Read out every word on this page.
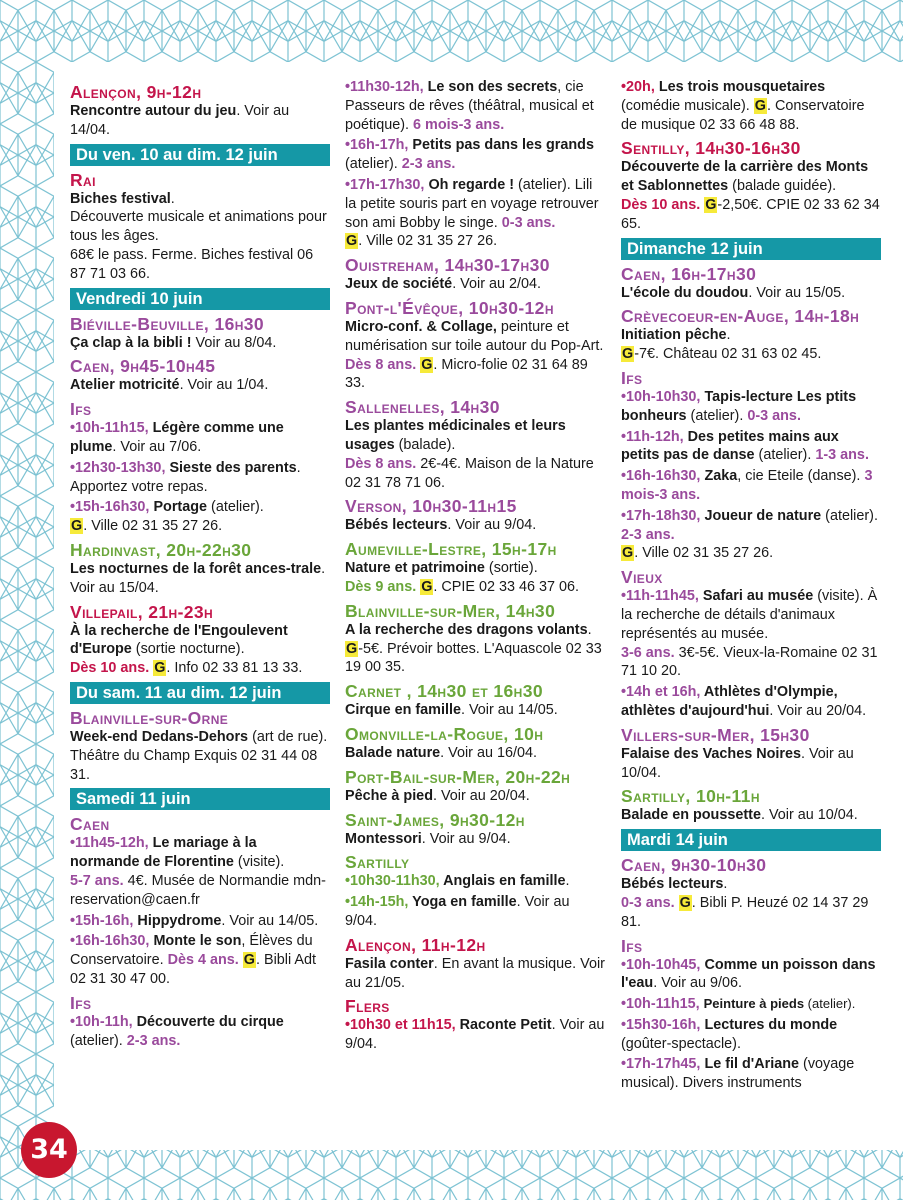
Alençon, 9h-12h
Rencontre autour du jeu. Voir au 14/04.
Du ven. 10 au dim. 12 juin
Rai
Biches festival.
Découverte musicale et animations pour tous les âges.
68€ le pass. Ferme. Biches festival 06 87 71 03 66.
Vendredi 10 juin
Biéville-Beuville, 16h30
Ça clap à la bibli ! Voir au 8/04.
Caen, 9h45-10h45
Atelier motricité. Voir au 1/04.
Ifs
•10h-11h15, Légère comme une plume. Voir au 7/06.
•12h30-13h30, Sieste des parents. Apportez votre repas.
•15h-16h30, Portage (atelier).
G. Ville 02 31 35 27 26.
Hardinvast, 20h-22h30
Les nocturnes de la forêt ances-trale. Voir au 15/04.
Villepail, 21h-23h
À la recherche de l'Engoulevent d'Europe (sortie nocturne).
Dès 10 ans. G. Info 02 33 81 13 33.
Du sam. 11 au dim. 12 juin
Blainville-sur-Orne
Week-end Dedans-Dehors (art de rue).
Théâtre du Champ Exquis 02 31 44 08 31.
Samedi 11 juin
Caen
•11h45-12h, Le mariage à la normande de Florentine (visite).
5-7 ans. 4€. Musée de Normandie mdn-reservation@caen.fr
•15h-16h, Hippydrome. Voir au 14/05.
•16h-16h30, Monte le son, Élèves du Conservatoire. Dès 4 ans. G. Bibli Adt 02 31 30 47 00.
Ifs
•10h-11h, Découverte du cirque (atelier). 2-3 ans.
•11h30-12h, Le son des secrets, cie Passeurs de rêves (théâtral, musical et poétique). 6 mois-3 ans.
•16h-17h, Petits pas dans les grands (atelier). 2-3 ans.
•17h-17h30, Oh regarde ! (atelier). Lili la petite souris part en voyage retrouver son ami Bobby le singe. 0-3 ans.
G. Ville 02 31 35 27 26.
Ouistreham, 14h30-17h30
Jeux de société. Voir au 2/04.
Pont-l'Évêque, 10h30-12h
Micro-conf. & Collage, peinture et numérisation sur toile autour du Pop-Art.
Dès 8 ans. G. Micro-folie 02 31 64 89 33.
Sallenelles, 14h30
Les plantes médicinales et leurs usages (balade).
Dès 8 ans. 2€-4€. Maison de la Nature 02 31 78 71 06.
Verson, 10h30-11h15
Bébés lecteurs. Voir au 9/04.
Aumeville-Lestre, 15h-17h
Nature et patrimoine (sortie).
Dès 9 ans. G. CPIE 02 33 46 37 06.
Blainville-sur-Mer, 14h30
A la recherche des dragons volants.
G-5€. Prévoir bottes. L'Aquascole 02 33 19 00 35.
Carnet , 14h30 et 16h30
Cirque en famille. Voir au 14/05.
Omonville-la-Rogue, 10h
Balade nature. Voir au 16/04.
Port-Bail-sur-Mer, 20h-22h
Pêche à pied. Voir au 20/04.
Saint-James, 9h30-12h
Montessori. Voir au 9/04.
Sartilly
•10h30-11h30, Anglais en famille.
•14h-15h, Yoga en famille. Voir au 9/04.
Alençon, 11h-12h
Fasila conter. En avant la musique. Voir au 21/05.
Flers
•10h30 et 11h15, Raconte Petit. Voir au 9/04.
•20h, Les trois mousquetaires (comédie musicale). G. Conservatoire de musique 02 33 66 48 88.
Sentilly, 14h30-16h30
Découverte de la carrière des Monts et Sablonnettes (balade guidée).
Dès 10 ans. G-2,50€. CPIE 02 33 62 34 65.
Dimanche 12 juin
Caen, 16h-17h30
L'école du doudou. Voir au 15/05.
Crèvecoeur-en-Auge, 14h-18h
Initiation pêche.
G-7€. Château 02 31 63 02 45.
Ifs
•10h-10h30, Tapis-lecture Les ptits bonheurs (atelier). 0-3 ans.
•11h-12h, Des petites mains aux petits pas de danse (atelier). 1-3 ans.
•16h-16h30, Zaka, cie Eteile (danse). 3 mois-3 ans.
•17h-18h30, Joueur de nature (atelier). 2-3 ans.
G. Ville 02 31 35 27 26.
Vieux
•11h-11h45, Safari au musée (visite). À la recherche de détails d'animaux représentés au musée.
3-6 ans. 3€-5€. Vieux-la-Romaine 02 31 71 10 20.
•14h et 16h, Athlètes d'Olympie, athlètes d'aujourd'hui. Voir au 20/04.
Villers-sur-Mer, 15h30
Falaise des Vaches Noires. Voir au 10/04.
Sartilly, 10h-11h
Balade en poussette. Voir au 10/04.
Mardi 14 juin
Caen, 9h30-10h30
Bébés lecteurs.
0-3 ans. G. Bibli P. Heuzé 02 14 37 29 81.
Ifs
•10h-10h45, Comme un poisson dans l'eau. Voir au 9/06.
•10h-11h15, Peinture à pieds (atelier).
•15h30-16h, Lectures du monde (goûter-spectacle).
•17h-17h45, Le fil d'Ariane (voyage musical). Divers instruments
34
